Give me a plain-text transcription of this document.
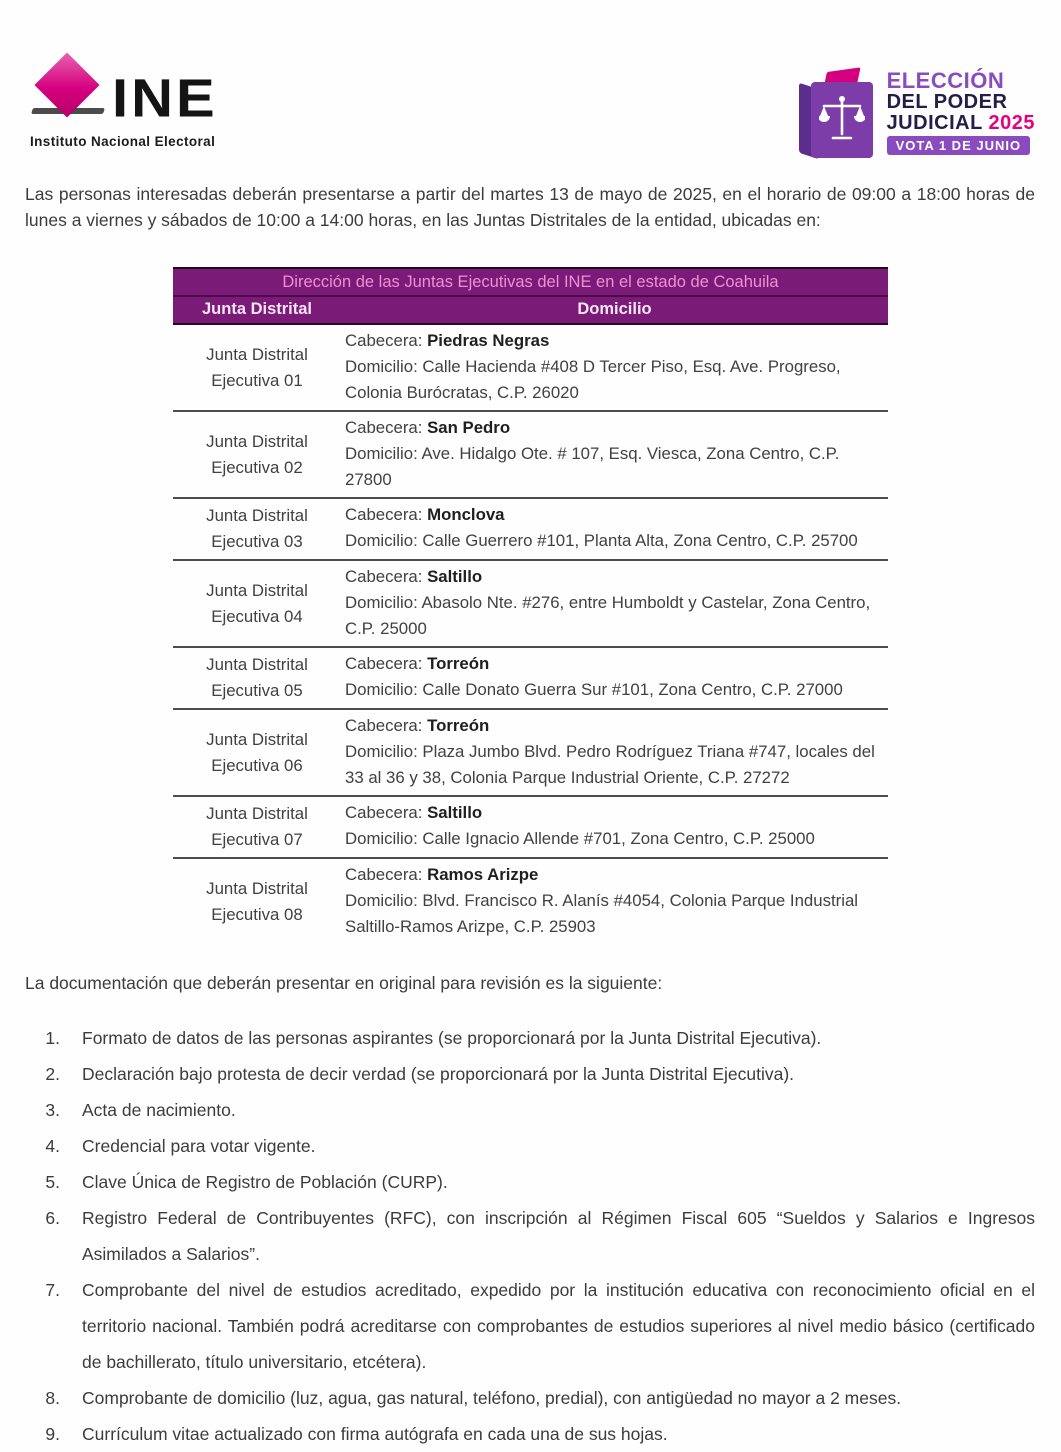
INE
Instituto Nacional Electoral
ELECCIÓN
DEL PODER
JUDICIAL 2025
VOTA 1 DE JUNIO

Las personas interesadas deberán presentarse a partir del martes 13 de mayo de 2025, en el horario de 09:00 a 18:00 horas de lunes a viernes y sábados de 10:00 a 14:00 horas, en las Juntas Distritales de la entidad, ubicadas en:

Dirección de las Juntas Ejecutivas del INE en el estado de Coahuila
Junta Distrital	Domicilio
Junta Distrital Ejecutiva 01
Cabecera: Piedras Negras
Domicilio: Calle Hacienda #408 D Tercer Piso, Esq. Ave. Progreso, Colonia Burócratas, C.P. 26020
Junta Distrital Ejecutiva 02
Cabecera: San Pedro
Domicilio: Ave. Hidalgo Ote. # 107, Esq. Viesca, Zona Centro, C.P. 27800
Junta Distrital Ejecutiva 03
Cabecera: Monclova
Domicilio: Calle Guerrero #101, Planta Alta, Zona Centro, C.P. 25700
Junta Distrital Ejecutiva 04
Cabecera: Saltillo
Domicilio: Abasolo Nte. #276, entre Humboldt y Castelar, Zona Centro, C.P. 25000
Junta Distrital Ejecutiva 05
Cabecera: Torreón
Domicilio: Calle Donato Guerra Sur #101, Zona Centro, C.P. 27000
Junta Distrital Ejecutiva 06
Cabecera: Torreón
Domicilio: Plaza Jumbo Blvd. Pedro Rodríguez Triana #747, locales del 33 al 36 y 38, Colonia Parque Industrial Oriente, C.P. 27272
Junta Distrital Ejecutiva 07
Cabecera: Saltillo
Domicilio: Calle Ignacio Allende #701, Zona Centro, C.P. 25000
Junta Distrital Ejecutiva 08
Cabecera: Ramos Arizpe
Domicilio: Blvd. Francisco R. Alanís #4054, Colonia Parque Industrial Saltillo-Ramos Arizpe, C.P. 25903

La documentación que deberán presentar en original para revisión es la siguiente:

1.	Formato de datos de las personas aspirantes (se proporcionará por la Junta Distrital Ejecutiva).
2.	Declaración bajo protesta de decir verdad (se proporcionará por la Junta Distrital Ejecutiva).
3.	Acta de nacimiento.
4.	Credencial para votar vigente.
5.	Clave Única de Registro de Población (CURP).
6.	Registro Federal de Contribuyentes (RFC), con inscripción al Régimen Fiscal 605 “Sueldos y Salarios e Ingresos Asimilados a Salarios”.
7.	Comprobante del nivel de estudios acreditado, expedido por la institución educativa con reconocimiento oficial en el territorio nacional. También podrá acreditarse con comprobantes de estudios superiores al nivel medio básico (certificado de bachillerato, título universitario, etcétera).
8.	Comprobante de domicilio (luz, agua, gas natural, teléfono, predial), con antigüedad no mayor a 2 meses.
9.	Currículum vitae actualizado con firma autógrafa en cada una de sus hojas.
